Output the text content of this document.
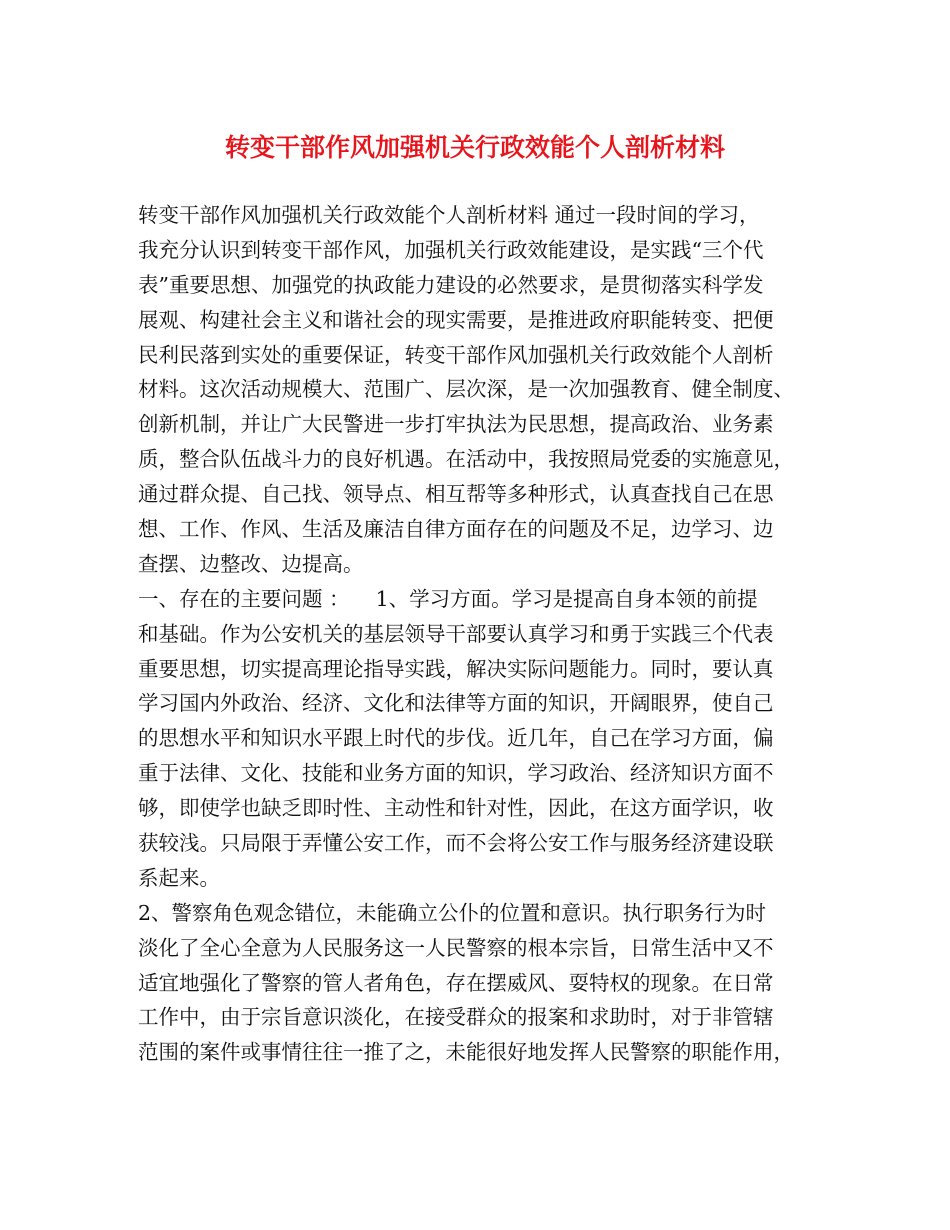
转变干部作风加强机关行政效能个人剖析材料
转变干部作风加强机关行政效能个人剖析材料 通过一段时间的学习，
我充分认识到转变干部作风，加强机关行政效能建设，是实践“三个代
表”重要思想、加强党的执政能力建设的必然要求，是贯彻落实科学发
展观、构建社会主义和谐社会的现实需要，是推进政府职能转变、把便
民利民落到实处的重要保证，转变干部作风加强机关行政效能个人剖析
材料。这次活动规模大、范围广、层次深，是一次加强教育、健全制度、
创新机制，并让广大民警进一步打牢执法为民思想，提高政治、业务素
质，整合队伍战斗力的良好机遇。在活动中，我按照局党委的实施意见，
通过群众提、自己找、领导点、相互帮等多种形式，认真查找自己在思
想、工作、作风、生活及廉洁自律方面存在的问题及不足，边学习、边
查摆、边整改、边提高。
一、存在的主要问题 ：    1、学习方面。学习是提高自身本领的前提
和基础。作为公安机关的基层领导干部要认真学习和勇于实践三个代表
重要思想，切实提高理论指导实践，解决实际问题能力。同时，要认真
学习国内外政治、经济、文化和法律等方面的知识，开阔眼界，使自己
的思想水平和知识水平跟上时代的步伐。近几年，自己在学习方面，偏
重于法律、文化、技能和业务方面的知识，学习政治、经济知识方面不
够，即使学也缺乏即时性、主动性和针对性，因此，在这方面学识，收
获较浅。只局限于弄懂公安工作，而不会将公安工作与服务经济建设联
系起来。
2、警察角色观念错位，未能确立公仆的位置和意识。执行职务行为时
淡化了全心全意为人民服务这一人民警察的根本宗旨，日常生活中又不
适宜地强化了警察的管人者角色，存在摆威风、耍特权的现象。在日常
工作中，由于宗旨意识淡化，在接受群众的报案和求助时，对于非管辖
范围的案件或事情往往一推了之，未能很好地发挥人民警察的职能作用，
